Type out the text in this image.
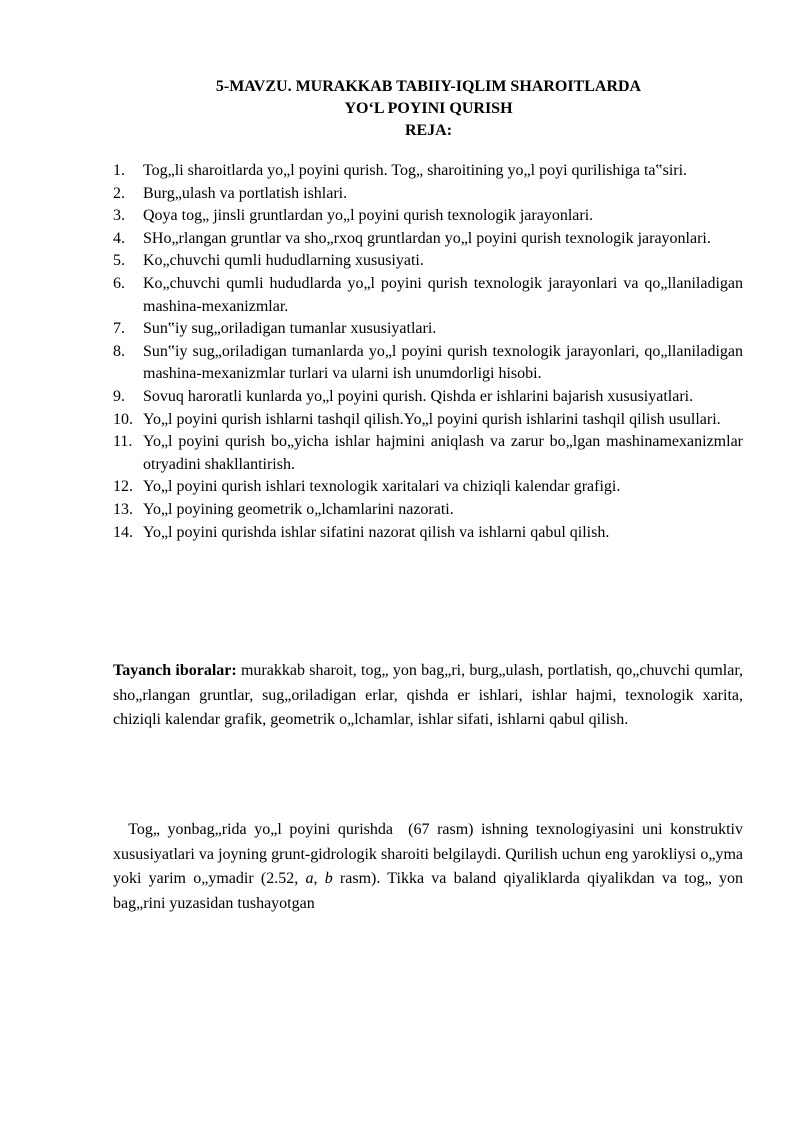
5-MAVZU. MURAKKAB TABIIY-IQLIM SHAROITLARDA
YO‘L POYINI QURISH
REJA:
1. Tog„li sharoitlarda yo„l poyini qurish. Tog„ sharoitining yo„l poyi qurilishiga ta‟siri.
2. Burg„ulash va portlatish ishlari.
3. Qoya tog„ jinsli gruntlardan yo„l poyini qurish texnologik jarayonlari.
4. SHo„rlangan gruntlar va sho„rxoq gruntlardan yo„l poyini qurish texnologik jarayonlari.
5. Ko„chuvchi qumli hududlarning xususiyati.
6. Ko„chuvchi qumli hududlarda yo„l poyini qurish texnologik jarayonlari va qo„llaniladigan mashina-mexanizmlar.
7. Sun‟iy sug„oriladigan tumanlar xususiyatlari.
8. Sun‟iy sug„oriladigan tumanlarda yo„l poyini qurish texnologik jarayonlari, qo„llaniladigan mashina-mexanizmlar turlari va ularni ish unumdorligi hisobi.
9. Sovuq haroratli kunlarda yo„l poyini qurish. Qishda er ishlarini bajarish xususiyatlari.
10. Yo„l poyini qurish ishlarni tashqil qilish.Yo„l poyini qurish ishlarini tashqil qilish usullari.
11. Yo„l poyini qurish bo„yicha ishlar hajmini aniqlash va zarur bo„lgan mashinamexanizmlar otryadini shakllantirish.
12. Yo„l poyini qurish ishlari texnologik xaritalari va chiziqli kalendar grafigi.
13. Yo„l poyining geometrik o„lchamlarini nazorati.
14. Yo„l poyini qurishda ishlar sifatini nazorat qilish va ishlarni qabul qilish.

Tayanch iboralar: murakkab sharoit, tog„ yon bag„ri, burg„ulash, portlatish, qo„chuvchi qumlar, sho„rlangan gruntlar, sug„oriladigan erlar, qishda er ishlari, ishlar hajmi, texnologik xarita, chiziqli kalendar grafik, geometrik o„lchamlar, ishlar sifati, ishlarni qabul qilish.

Tog„ yonbag„rida yo„l poyini qurishda  (67 rasm) ishning texnologiyasini uni konstruktiv xususiyatlari va joyning grunt-gidrologik sharoiti belgilaydi. Qurilish uchun eng yarokliysi o„yma yoki yarim o„ymadir (2.52, a, b rasm). Tikka va baland qiyaliklarda qiyalikdan va tog„ yon bag„rini yuzasidan tushayotgan
